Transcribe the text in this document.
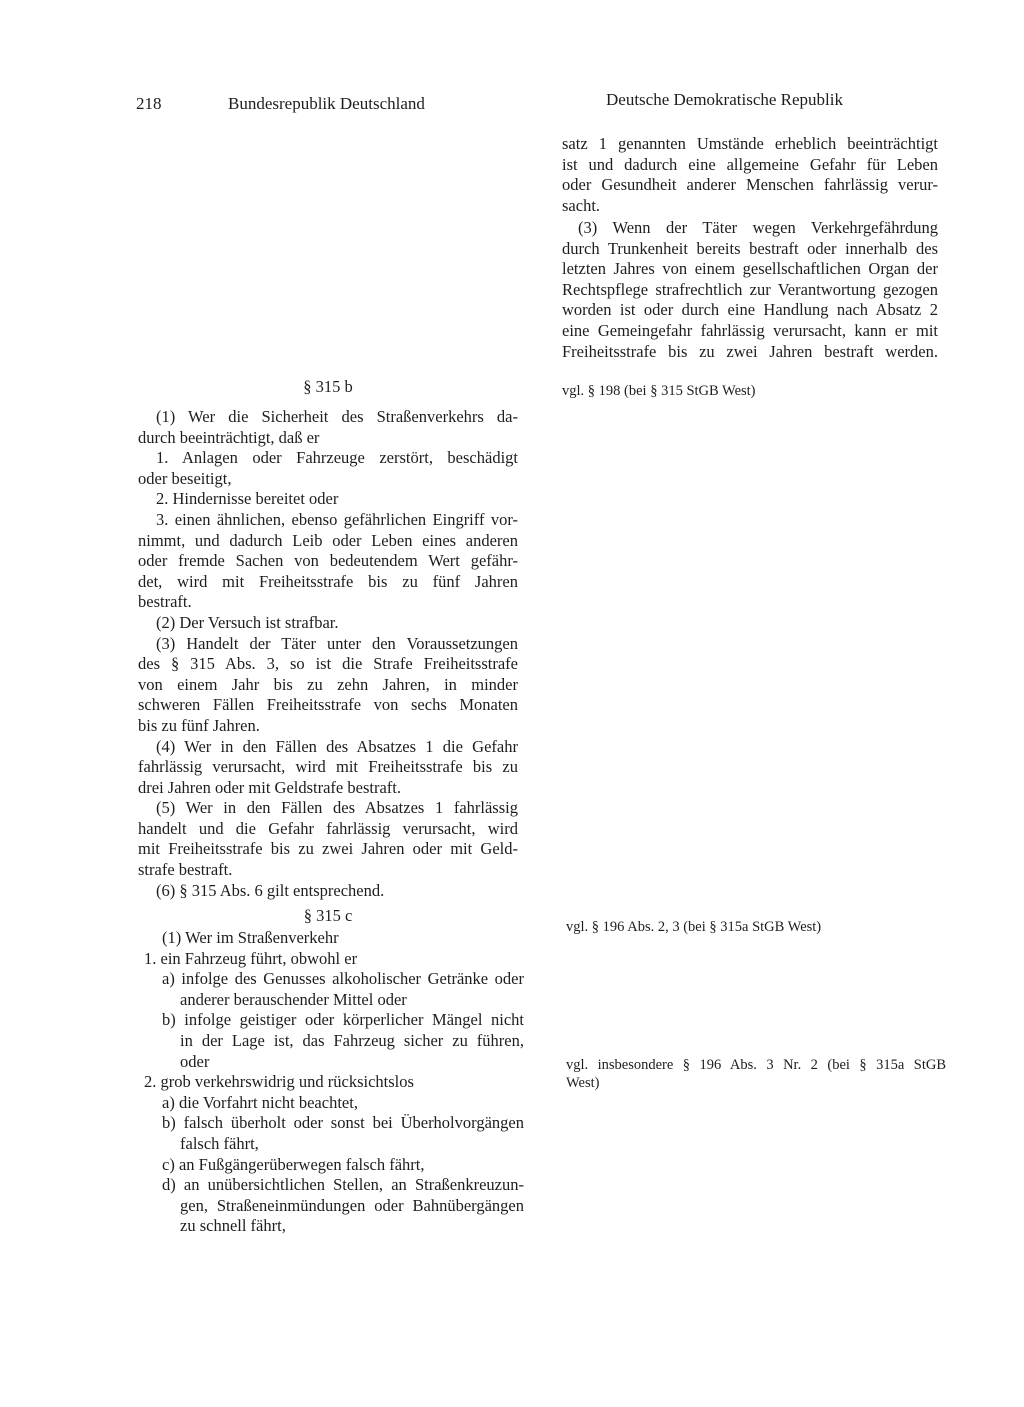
218	Bundesrepublik Deutschland	Deutsche Demokratische Republik

satz 1 genannten Umstände erheblich beeinträchtigt

ist und dadurch eine allgemeine Gefahr für Leben

oder Gesundheit anderer Menschen fahrlässig verur-

sacht.

(3) Wenn der Täter wegen Verkehrgefährdung

durch Trunkenheit bereits bestraft oder innerhalb des

letzten Jahres von einem gesellschaftlichen Organ der

Rechtspflege strafrechtlich zur Verantwortung gezogen

worden ist oder durch eine Handlung nach Absatz 2

eine Gemeingefahr fahrlässig verursacht, kann er mit

Freiheitsstrafe bis zu zwei Jahren bestraft werden.

vgl. § 198 (bei § 315 StGB West)
vgl. § 196 Abs. 2, 3 (bei § 315a StGB West)

vgl. insbesondere § 196 Abs. 3 Nr. 2 (bei § 315a StGB

West)

§ 315 b

(1) Wer die Sicherheit des Straßenverkehrs da-

durch beeinträchtigt, daß er

1. Anlagen oder Fahrzeuge zerstört, beschädigt

oder beseitigt,

2. Hindernisse bereitet oder

3. einen ähnlichen, ebenso gefährlichen Eingriff vor-

nimmt, und dadurch Leib oder Leben eines anderen

oder fremde Sachen von bedeutendem Wert gefähr-

det, wird mit Freiheitsstrafe bis zu fünf Jahren

bestraft.

(2) Der Versuch ist strafbar.

(3) Handelt der Täter unter den Voraussetzungen

des § 315 Abs. 3, so ist die Strafe Freiheitsstrafe

von einem Jahr bis zu zehn Jahren, in minder

schweren Fällen Freiheitsstrafe von sechs Monaten

bis zu fünf Jahren.

(4) Wer in den Fällen des Absatzes 1 die Gefahr

fahrlässig verursacht, wird mit Freiheitsstrafe bis zu

drei Jahren oder mit Geldstrafe bestraft.

(5) Wer in den Fällen des Absatzes 1 fahrlässig

handelt und die Gefahr fahrlässig verursacht, wird

mit Freiheitsstrafe bis zu zwei Jahren oder mit Geld-

strafe bestraft.

(6) § 315 Abs. 6 gilt entsprechend.

§ 315 c

(1) Wer im Straßenverkehr

1. ein Fahrzeug führt, obwohl er

a) infolge des Genusses alkoholischer Getränke oder

anderer berauschender Mittel oder

b) infolge geistiger oder körperlicher Mängel nicht

in der Lage ist, das Fahrzeug sicher zu führen,

oder

2. grob verkehrswidrig und rücksichtslos

a) die Vorfahrt nicht beachtet,

b) falsch überholt oder sonst bei Überholvorgängen

falsch fährt,

c) an Fußgängerüberwegen falsch fährt,

d) an unübersichtlichen Stellen, an Straßenkreuzun-

gen, Straßeneinmündungen oder Bahnübergängen

zu schnell fährt,
